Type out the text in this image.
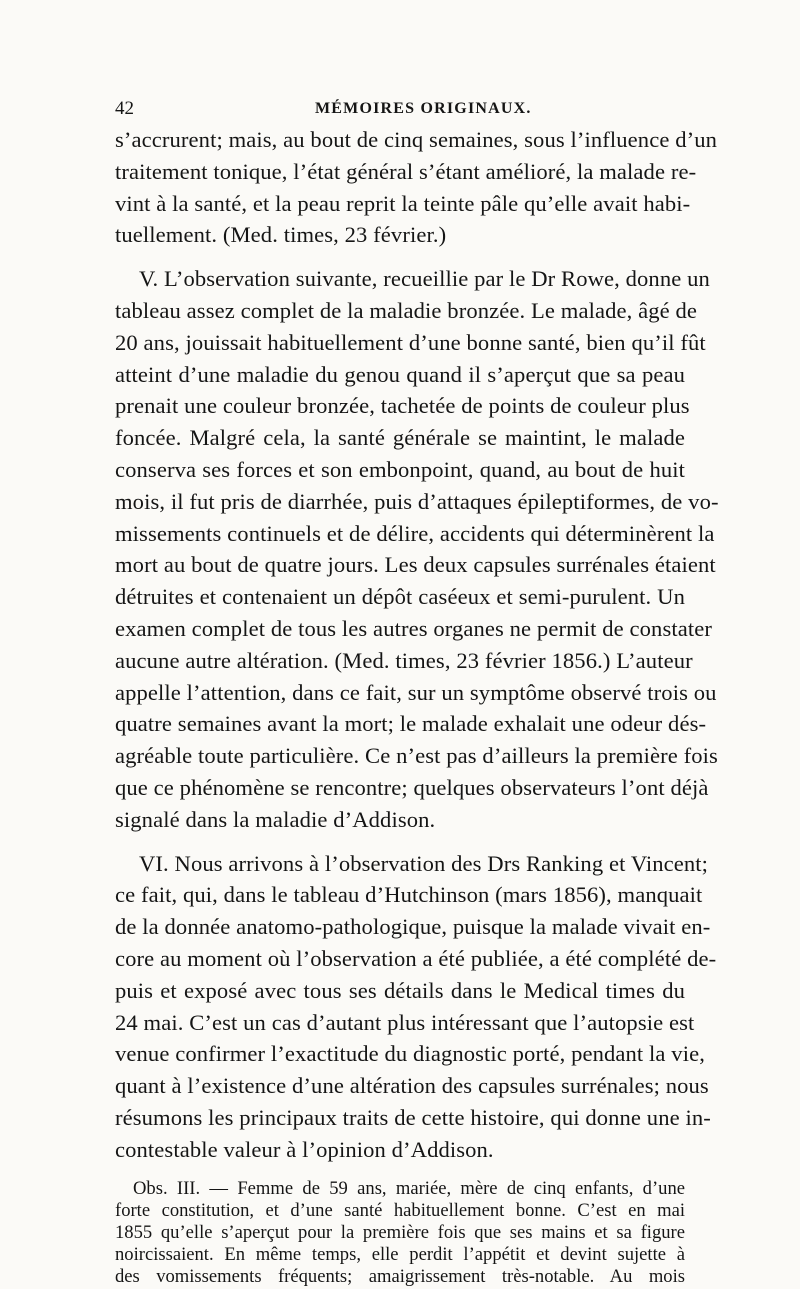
42	MÉMOIRES ORIGINAUX.

s’accrurent; mais, au bout de cinq semaines, sous l’influence d’un
traitement tonique, l’état général s’étant amélioré, la malade re-
vint à la santé, et la peau reprit la teinte pâle qu’elle avait habi-
tuellement. (Med. times, 23 février.)

V. L’observation suivante, recueillie par le Dr Rowe, donne un
tableau assez complet de la maladie bronzée. Le malade, âgé de
20 ans, jouissait habituellement d’une bonne santé, bien qu’il fût
atteint d’une maladie du genou quand il s’aperçut que sa peau
prenait une couleur bronzée, tachetée de points de couleur plus
foncée. Malgré cela, la santé générale se maintint, le malade
conserva ses forces et son embonpoint, quand, au bout de huit
mois, il fut pris de diarrhée, puis d’attaques épileptiformes, de vo-
missements continuels et de délire, accidents qui déterminèrent la
mort au bout de quatre jours. Les deux capsules surrénales étaient
détruites et contenaient un dépôt caséeux et semi-purulent. Un
examen complet de tous les autres organes ne permit de constater
aucune autre altération. (Med. times, 23 février 1856.) L’auteur
appelle l’attention, dans ce fait, sur un symptôme observé trois ou
quatre semaines avant la mort; le malade exhalait une odeur dés-
agréable toute particulière. Ce n’est pas d’ailleurs la première fois
que ce phénomène se rencontre; quelques observateurs l’ont déjà
signalé dans la maladie d’Addison.

VI. Nous arrivons à l’observation des Drs Ranking et Vincent;
ce fait, qui, dans le tableau d’Hutchinson (mars 1856), manquait
de la donnée anatomo-pathologique, puisque la malade vivait en-
core au moment où l’observation a été publiée, a été complété de-
puis et exposé avec tous ses détails dans le Medical times du
24 mai. C’est un cas d’autant plus intéressant que l’autopsie est
venue confirmer l’exactitude du diagnostic porté, pendant la vie,
quant à l’existence d’une altération des capsules surrénales; nous
résumons les principaux traits de cette histoire, qui donne une in-
contestable valeur à l’opinion d’Addison.

Obs. III. — Femme de 59 ans, mariée, mère de cinq enfants, d’une
forte constitution, et d’une santé habituellement bonne. C’est en mai
1855 qu’elle s’aperçut pour la première fois que ses mains et sa figure
noircissaient. En même temps, elle perdit l’appétit et devint sujette à
des vomissements fréquents; amaigrissement très-notable. Au mois
